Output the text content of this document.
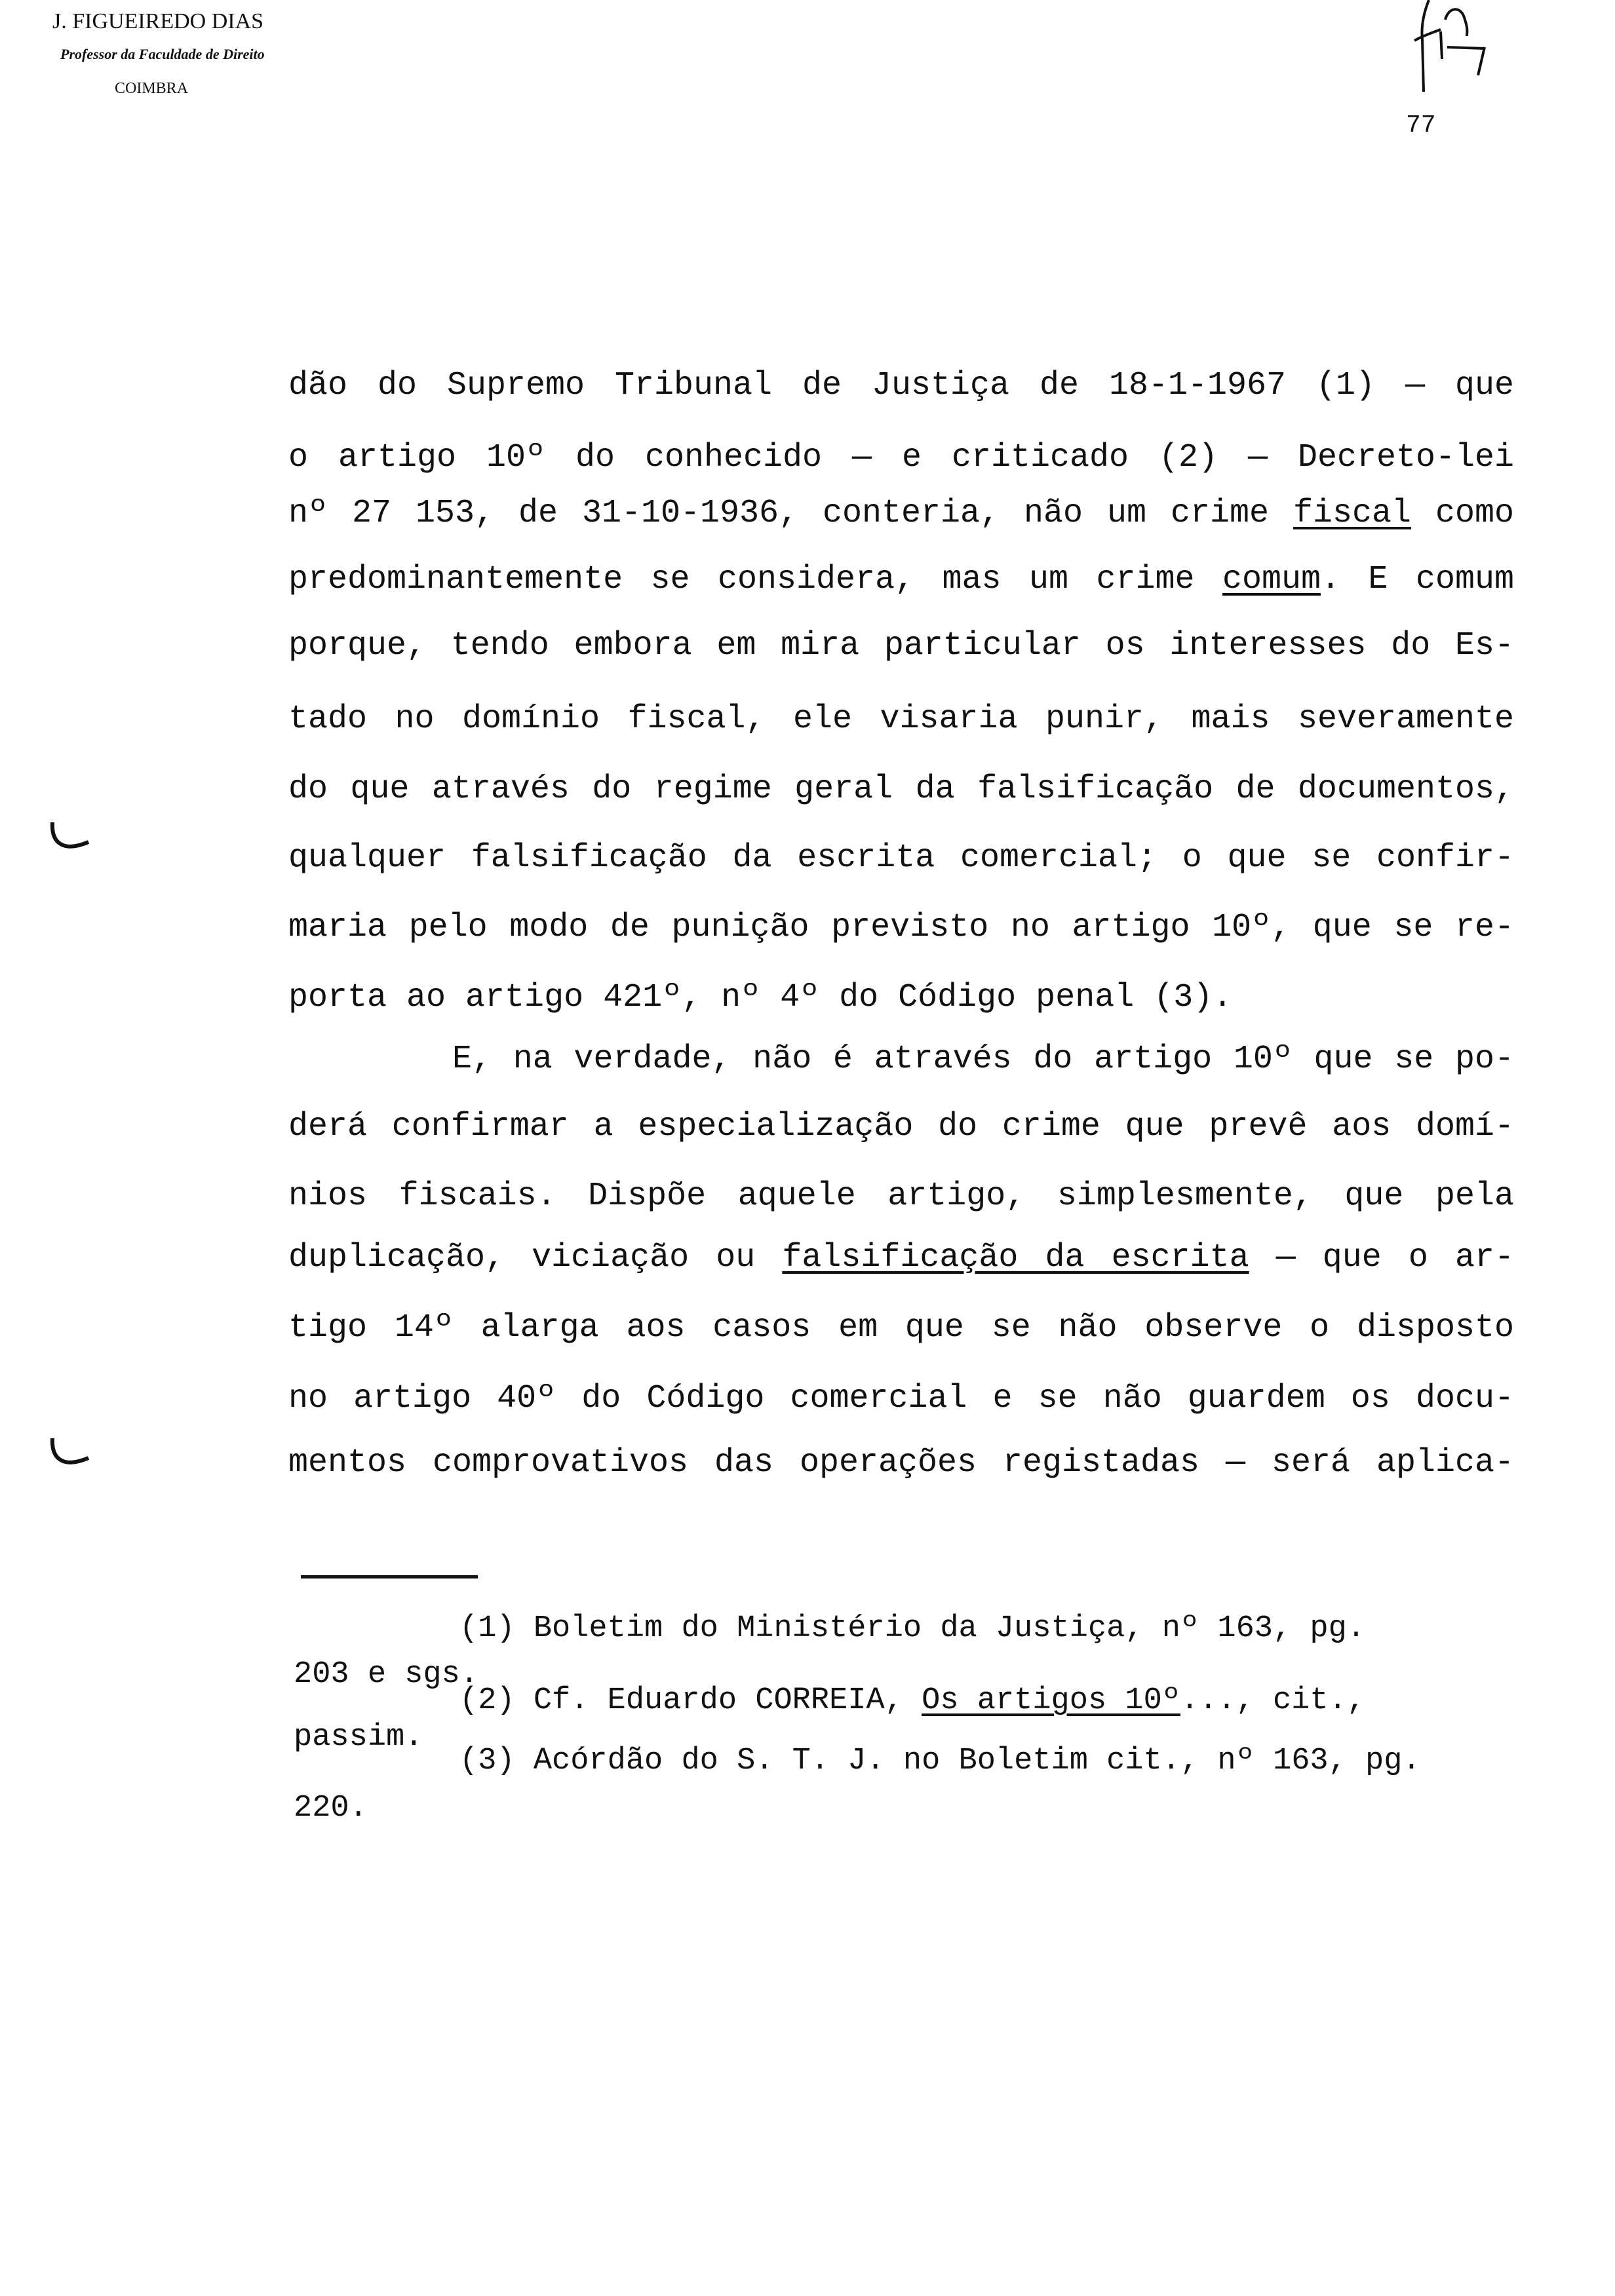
J. FIGUEIREDO DIAS
Professor da Faculdade de Direito
COIMBRA
77
dão do Supremo Tribunal de Justiça de 18-1-1967 (1) — que
o artigo 10º do conhecido — e criticado (2) — Decreto-lei
nº 27 153, de 31-10-1936, conteria, não um crime fiscal como
predominantemente se considera, mas um crime comum. E comum
porque, tendo embora em mira particular os interesses do Es-
tado no domínio fiscal, ele visaria punir, mais severamente
do que através do regime geral da falsificação de documentos,
qualquer falsificação da escrita comercial; o que se confir-
maria pelo modo de punição previsto no artigo 10º, que se re-
porta ao artigo 421º, nº 4º do Código penal (3).
E, na verdade, não é através do artigo 10º que se po-
derá confirmar a especialização do crime que prevê aos domí-
nios fiscais. Dispõe aquele artigo, simplesmente, que pela
duplicação, viciação ou falsificação da escrita — que o ar-
tigo 14º alarga aos casos em que se não observe o disposto
no artigo 40º do Código comercial e se não guardem os docu-
mentos comprovativos das operações registadas — será aplica-
(1) Boletim do Ministério da Justiça, nº 163, pg.
203 e sgs.
(2) Cf. Eduardo CORREIA, Os artigos 10º..., cit.,
passim.
(3) Acórdão do S. T. J. no Boletim cit., nº 163, pg.
220.
